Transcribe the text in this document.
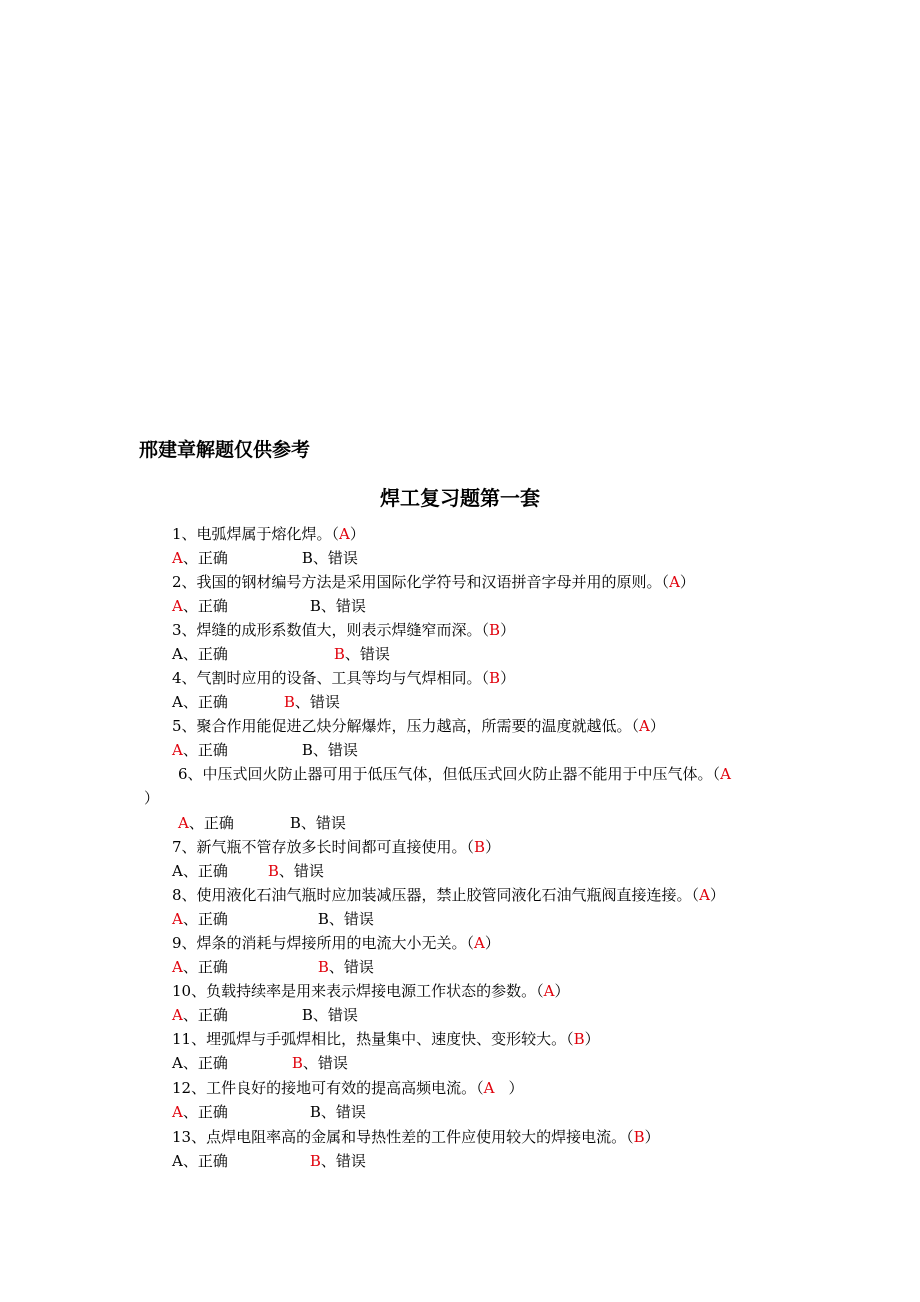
邢建章解题仅供参考
焊工复习题第一套
1、电弧焊属于熔化焊。（A）
A、正确	B、错误
2、我国的钢材编号方法是采用国际化学符号和汉语拼音字母并用的原则。（A）
A、正确	B、错误
3、焊缝的成形系数值大，则表示焊缝窄而深。（B）
A、正确	B、错误
4、气割时应用的设备、工具等均与气焊相同。（B）
A、正确	B、错误
5、聚合作用能促进乙炔分解爆炸，压力越高，所需要的温度就越低。（A）
A、正确	B、错误
6、中压式回火防止器可用于低压气体，但低压式回火防止器不能用于中压气体。（A
）
A、正确	B、错误
7、新气瓶不管存放多长时间都可直接使用。（B）
A、正确	B、错误
8、使用液化石油气瓶时应加装减压器，禁止胶管同液化石油气瓶阀直接连接。（A）
A、正确	B、错误
9、焊条的消耗与焊接所用的电流大小无关。（A）
A、正确	B、错误
10、负载持续率是用来表示焊接电源工作状态的参数。（A）
A、正确	B、错误
11、埋弧焊与手弧焊相比，热量集中、速度快、变形较大。（B）
A、正确	B、错误
12、工件良好的接地可有效的提高高频电流。（A ）
A、正确	B、错误
13、点焊电阻率高的金属和导热性差的工件应使用较大的焊接电流。（B）
A、正确	B、错误
